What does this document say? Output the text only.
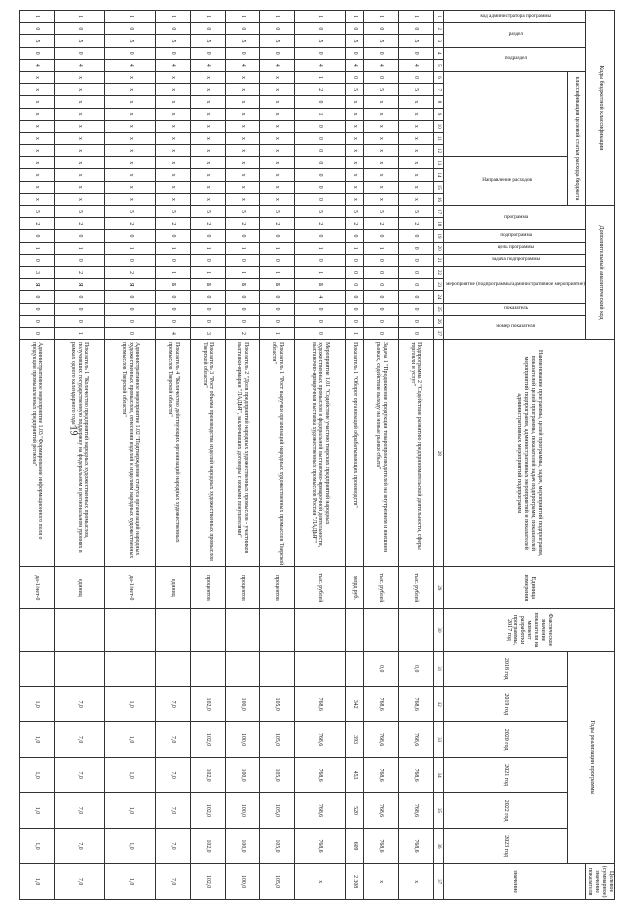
19
Коды бюджетной классификации																Дополнительный аналитический код											Наименование программы, целей программы, задач, мероприятий подпрограмм, показателей целей программы, показателей задач подпрограмм, показателей мероприятий подпрограмм, административных мероприятий и показателей административных мероприятий подпрограмм	Единица измерения	Фактическое значение показателя на момент разработки программы, 2017 год	Годы реализации программы						Целевое (суммарное) значение показателя
код администратора программы	раздел		подраздел		классификация целевой статьи расхода бюджета											программа		подпрограмма	цель программы	задача подпрограммы	мероприятие (подпрограммы/административное мероприятие)			показатель	номер показателя											значение
												Направление расходов																		2018 год	2019 год	2020 год	2021 год	2022 год	2023 год	
1	2	3	4	5	6	7	8	9	10	11	12	13	14	15	16	17	18	19	20	21	22	23	24	25	26	27	28	29	30	31	32	33	34	35	36	37
1	0	5	0	4	0	5	x	x	x	x	x	x	x	x	x	5	2	0	0	0	0	0	0	0	0	0	Подпрограмма 2 "Содействие развитию предпринимательской деятельности, сферы торговли и услуг"	тыс. рублей		0,0	768,6	768,6	768,6	768,6	768,6	x
1	0	5	0	4	0	5	x	x	x	x	x	x	x	x	x	5	2	0	1	0	0	0	0	0	0	0	Задача 1 "Продвижение продукции товаропроизводителей на внутреннем и внешнем рынках, содействие выходу на новые рынки сбыта"	тыс. рублей		0,0	768,6	768,6	768,6	768,6	768,6	x
1	0	5	0	4	0	5	x	x	x	x	x	x	x	x	x	5	2	0	1	0	0	0	0	0	0	1	Показатель 1 "Оборот организаций обрабатывающих производств"	млрд руб.			342	393	453	520	609	2 308
1	0	5	0	4	1	2	0	1	0	0	0	0	0	0	0	5	2	0	1	0	1	Б	4	0	0	0	Мероприятие 1.01 "Содействие участию тверских предприятий народных художественных промыслов в федеральной выставочно-ярмарочной деятельности, выставочно-ярмарочная выставка художественных промыслов России "ЛАДЬЯ""	тыс. рублей			768,6	768,6	768,6	768,6	768,6	x
1	0	5	0	4	x	x	x	x	x	x	x	x	x	x	x	5	2	0	1	0	1	Б	0	0	0	1	Показатель 1 "Рост выручки организаций народных художественных промыслов Тверской области"	процентов			105,0	105,0	105,0	105,0	105,0	105,0
1	0	5	0	4	x	x	x	x	x	x	x	x	x	x	x	5	2	0	1	0	1	Б	0	0	0	2	Показатель 2 "Доля предприятий народных художественных промыслов - участников выставки-ярмарки "ЛАДЬЯ", заключивших договоры с новыми покупателями"	процентов			100,0	100,0	100,0	100,0	100,0	100,0
1	0	5	0	4	x	x	x	x	x	x	x	x	x	x	x	5	2	0	1	0	1	Б	0	0	0	3	Показатель 3 "Рост объема производства изделий народных художественных промыслов Тверской области"	процентов			102,0	102,0	102,0	102,0	102,0	102,0
1	0	5	0	4	x	x	x	x	x	x	x	x	x	x	x	5	2	0	1	0	1	Б	0	0	0	4	Показатель 4 "Количество действующих организаций народных художественных промыслов Тверской области"	единиц			7,0	7,0	7,0	7,0	7,0	7,0
1	0	5	0	4	x	x	x	x	x	x	x	x	x	x	x	5	2	0	1	0	2	Я	0	0	0	0	Административное мероприятие 1.02 "Подтверждение статуса организаций народных художественных промыслов, отнесения изделий к изделиям народных художественных промыслов Тверской области"	да-1/нет-0			1,0	1,0	1,0	1,0	1,0	1,0
1	0	5	0	4	x	x	x	x	x	x	x	x	x	x	x	5	2	0	1	0	2	Я	0	0	0	1	Показатель 1 "Количество предприятий народных художественных промыслов, получивших государственную поддержку на федеральном и региональном уровнях в рамках одного календарного года"	единиц			7,0	7,0	7,0	7,0	7,0	7,0
1	0	5	0	4	x	x	x	x	x	x	x	x	x	x	x	5	2	0	1	0	3	Я	0	0	0	0	Административное мероприятие 1.03 "Формирование информационного поля о продукции промышленных предприятий региона"	да-1/нет-0			1,0	1,0	1,0	1,0	1,0	1,0
